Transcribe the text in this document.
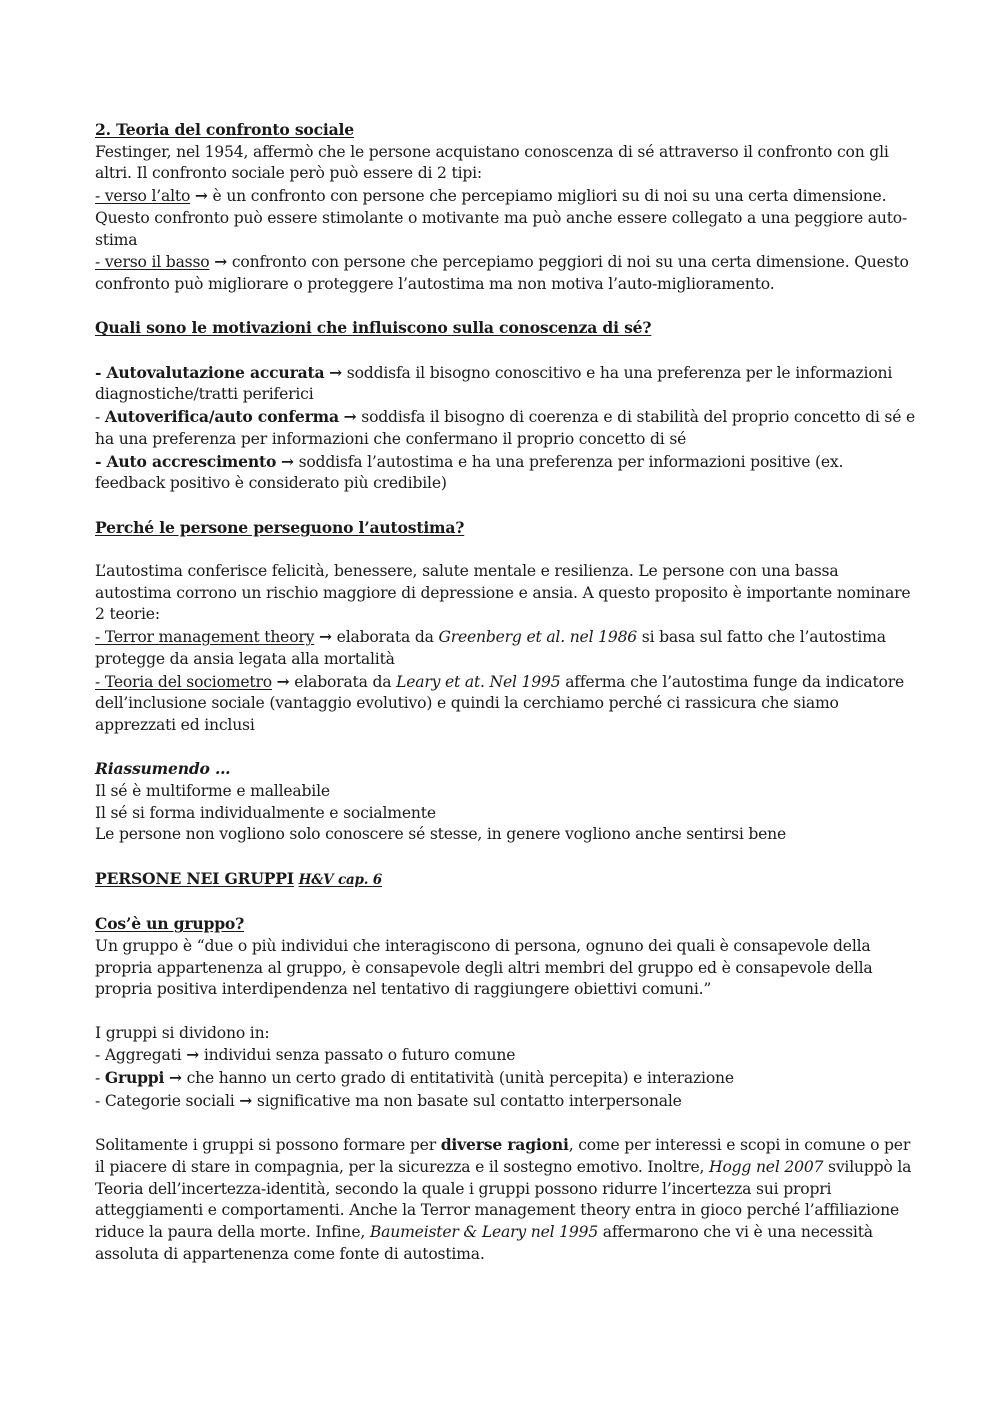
2. Teoria del confronto sociale

Festinger, nel 1954, affermò che le persone acquistano conoscenza di sé attraverso il confronto con gli altri. Il confronto sociale però può essere di 2 tipi:

- verso l’alto → è un confronto con persone che percepiamo migliori su di noi su una certa dimensione. Questo confronto può essere stimolante o motivante ma può anche essere collegato a una peggiore auto-stima

- verso il basso → confronto con persone che percepiamo peggiori di noi su una certa dimensione. Questo confronto può migliorare o proteggere l’autostima ma non motiva l’auto-miglioramento.

Quali sono le motivazioni che influiscono sulla conoscenza di sé?

- Autovalutazione accurata → soddisfa il bisogno conoscitivo e ha una preferenza per le informazioni diagnostiche/tratti periferici

- Autoverifica/auto conferma → soddisfa il bisogno di coerenza e di stabilità del proprio concetto di sé e ha una preferenza per informazioni che confermano il proprio concetto di sé

- Auto accrescimento → soddisfa l’autostima e ha una preferenza per informazioni positive (ex. feedback positivo è considerato più credibile)

Perché le persone perseguono l’autostima?

L’autostima conferisce felicità, benessere, salute mentale e resilienza. Le persone con una bassa autostima corrono un rischio maggiore di depressione e ansia. A questo proposito è importante nominare 2 teorie:

- Terror management theory → elaborata da Greenberg et al. nel 1986 si basa sul fatto che l’autostima protegge da ansia legata alla mortalità

- Teoria del sociometro → elaborata da Leary et at. Nel 1995 afferma che l’autostima funge da indicatore dell’inclusione sociale (vantaggio evolutivo) e quindi la cerchiamo perché ci rassicura che siamo apprezzati ed inclusi

Riassumendo …

Il sé è multiforme e malleabile

Il sé si forma individualmente e socialmente

Le persone non vogliono solo conoscere sé stesse, in genere vogliono anche sentirsi bene

PERSONE NEI GRUPPI H&V cap. 6

Cos’è un gruppo?

Un gruppo è “due o più individui che interagiscono di persona, ognuno dei quali è consapevole della propria appartenenza al gruppo, è consapevole degli altri membri del gruppo ed è consapevole della propria positiva interdipendenza nel tentativo di raggiungere obiettivi comuni.”

I gruppi si dividono in:

- Aggregati → individui senza passato o futuro comune

- Gruppi → che hanno un certo grado di entitatività (unità percepita) e interazione

- Categorie sociali → significative ma non basate sul contatto interpersonale

Solitamente i gruppi si possono formare per diverse ragioni, come per interessi e scopi in comune o per il piacere di stare in compagnia, per la sicurezza e il sostegno emotivo. Inoltre, Hogg nel 2007 sviluppò la Teoria dell’incertezza-identità, secondo la quale i gruppi possono ridurre l’incertezza sui propri atteggiamenti e comportamenti. Anche la Terror management theory entra in gioco perché l’affiliazione riduce la paura della morte. Infine, Baumeister & Leary nel 1995 affermarono che vi è una necessità assoluta di appartenenza come fonte di autostima.
